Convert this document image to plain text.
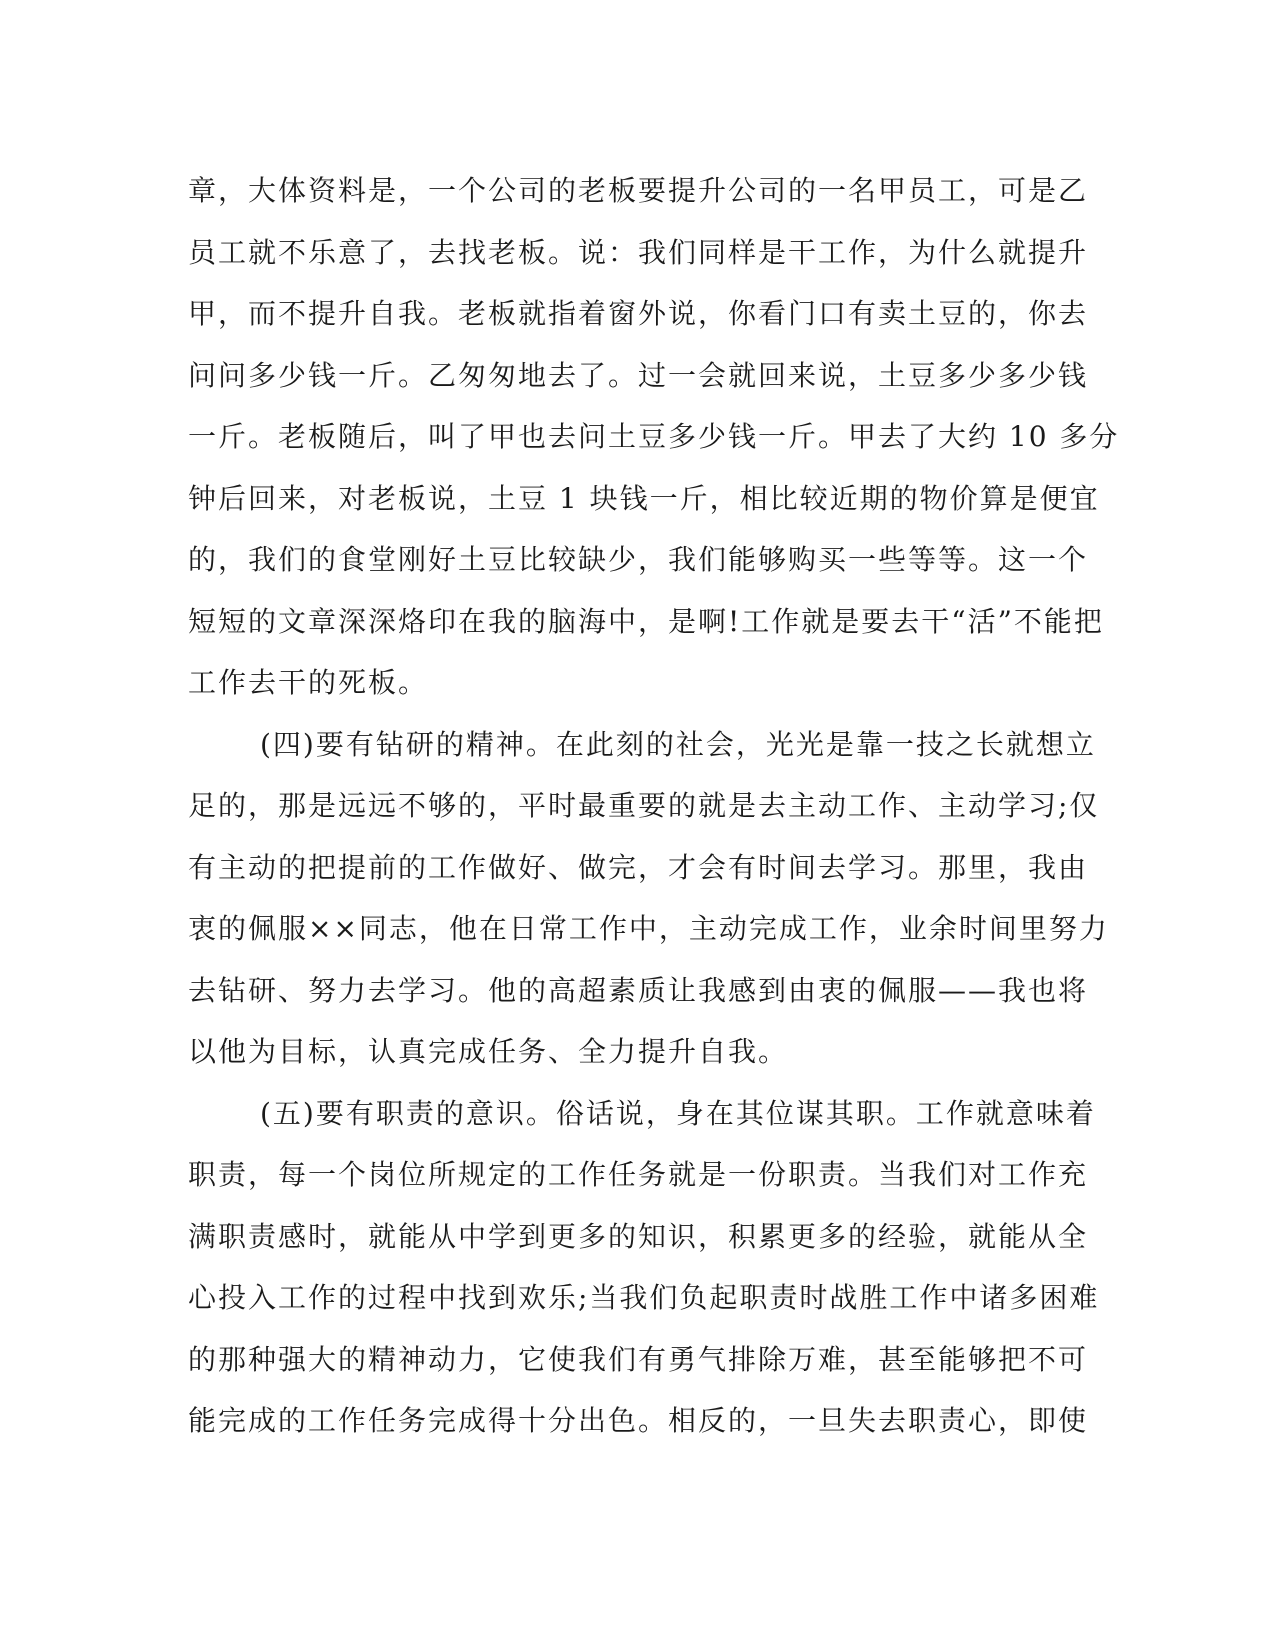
章，大体资料是，一个公司的老板要提升公司的一名甲员工，可是乙
员工就不乐意了，去找老板。说：我们同样是干工作，为什么就提升
甲，而不提升自我。老板就指着窗外说，你看门口有卖土豆的，你去
问问多少钱一斤。乙匆匆地去了。过一会就回来说，土豆多少多少钱
一斤。老板随后，叫了甲也去问土豆多少钱一斤。甲去了大约 10 多分
钟后回来，对老板说，土豆 1 块钱一斤，相比较近期的物价算是便宜
的，我们的食堂刚好土豆比较缺少，我们能够购买一些等等。这一个
短短的文章深深烙印在我的脑海中，是啊!工作就是要去干“活”不能把
工作去干的死板。

(四)要有钻研的精神。在此刻的社会，光光是靠一技之长就想立
足的，那是远远不够的，平时最重要的就是去主动工作、主动学习;仅
有主动的把提前的工作做好、做完，才会有时间去学习。那里，我由
衷的佩服××同志，他在日常工作中，主动完成工作，业余时间里努力
去钻研、努力去学习。他的高超素质让我感到由衷的佩服——我也将
以他为目标，认真完成任务、全力提升自我。

(五)要有职责的意识。俗话说，身在其位谋其职。工作就意味着
职责，每一个岗位所规定的工作任务就是一份职责。当我们对工作充
满职责感时，就能从中学到更多的知识，积累更多的经验，就能从全
心投入工作的过程中找到欢乐;当我们负起职责时战胜工作中诸多困难
的那种强大的精神动力，它使我们有勇气排除万难，甚至能够把不可
能完成的工作任务完成得十分出色。相反的，一旦失去职责心，即使
